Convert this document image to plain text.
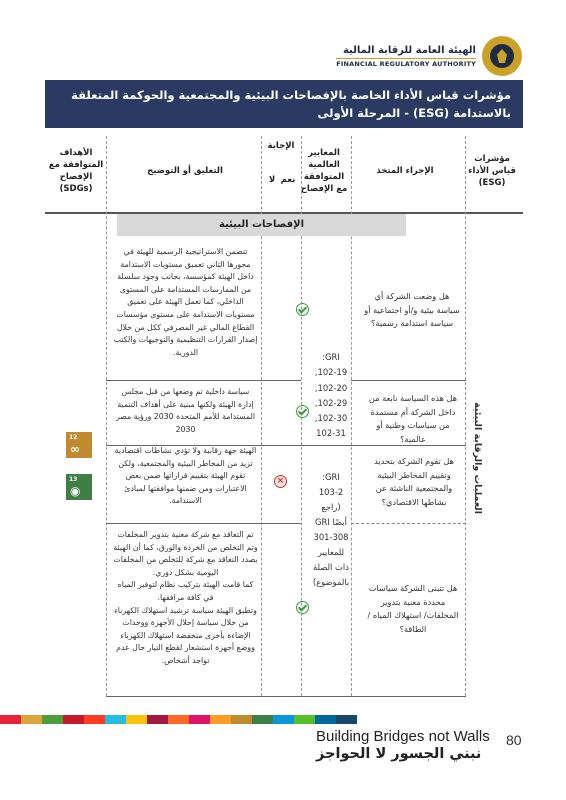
الهيئة العامة للرقابة المالية
FINANCIAL REGULATORY AUTHORITY
مؤشرات قياس الأداء الخاصة بالإفصاحات البيئية والمجتمعية والحوكمة المتعلقة
بالاستدامة (ESG) - المرحلة الأولى
مؤشرات قياس الأداء (ESG)
الإجراء المتخذ
المعايير العالمية المتوافقة مع الإفصاح
الإجابة
نعم
لا
التعليق أو التوضيح
الأهداف المتوافقة مع الإفصاح (SDGs)
الإفصاحات البيئية
العمليات والرقابة البيئية
هل وضعت الشركة أي سياسة بيئية و/أو اجتماعية أو سياسة استدامة رسمية؟
تتضمن الاستراتيجية الرسمية للهيئة في محورها الثاني تعميق مستويات الاستدامة داخل الهيئة كمؤسسة، بجانب وجود سلسلة من الممارسات المستدامة على المستوى الداخلي، كما تعمل الهيئة على تعميق مستويات الاستدامة على مستوى مؤسسات القطاع المالي غير المصرفي ككل من خلال إصدار القرارات التنظيمية والتوجيهات والكتب الدورية.	GRI:
102-19,
102-20,
102-29,
102-30,
102-31
هل هذه السياسة نابعة من داخل الشركة أم مستمدة من سياسات وطنية أو عالمية؟
سياسة داخلية تم وضعها من قبل مجلس إدارة الهيئة ولكنها مبنية على أهداف التنمية المستدامة للأمم المتحدة 2030 ورؤية مصر 2030
هل تقوم الشركة بتحديد وتقييم المخاطر البيئية والمجتمعية الناشئة عن نشاطها الاقتصادي؟
×
الهيئة جهة رقابية ولا تؤدي نشاطات اقتصادية تزيد من المخاطر البيئية والمجتمعية، ولكن تقوم الهيئة بتقييم قراراتها ضمن بعض الاعتبارات ومن ضمنها موافقتها لمبادئ الاستدامة.
GRI:
103-2
(راجع
أيضًا GRI
301-308
للمعايير
ذات الصلة
بالموضوع)
هل تتبنى الشركة سياسات محددة معنية بتدوير المخلفات/ استهلاك المياه / الطاقة؟
تم التعاقد مع شركة معنية بتدوير المخلفات وتم التخلص من الخردة والورق، كما أن الهيئة بصدد التعاقد مع شركة للتخلص من المخلفات اليومية بشكل دوري.
كما قامت الهيئة بتركيب نظام لتوفير المياه في كافة مرافقها.
وتطبق الهيئة سياسة ترشيد استهلاك الكهرباء من خلال سياسة إحلال الأجهزة ووحدات الإضاءة بأخرى منخفضة استهلاك الكهرباء ووضع أجهزة استشعار لقطع التيار حال عدم تواجد أشخاص.
12
∞
13
◉
Building Bridges not Walls
نبني الجسور لا الحواجز
80
